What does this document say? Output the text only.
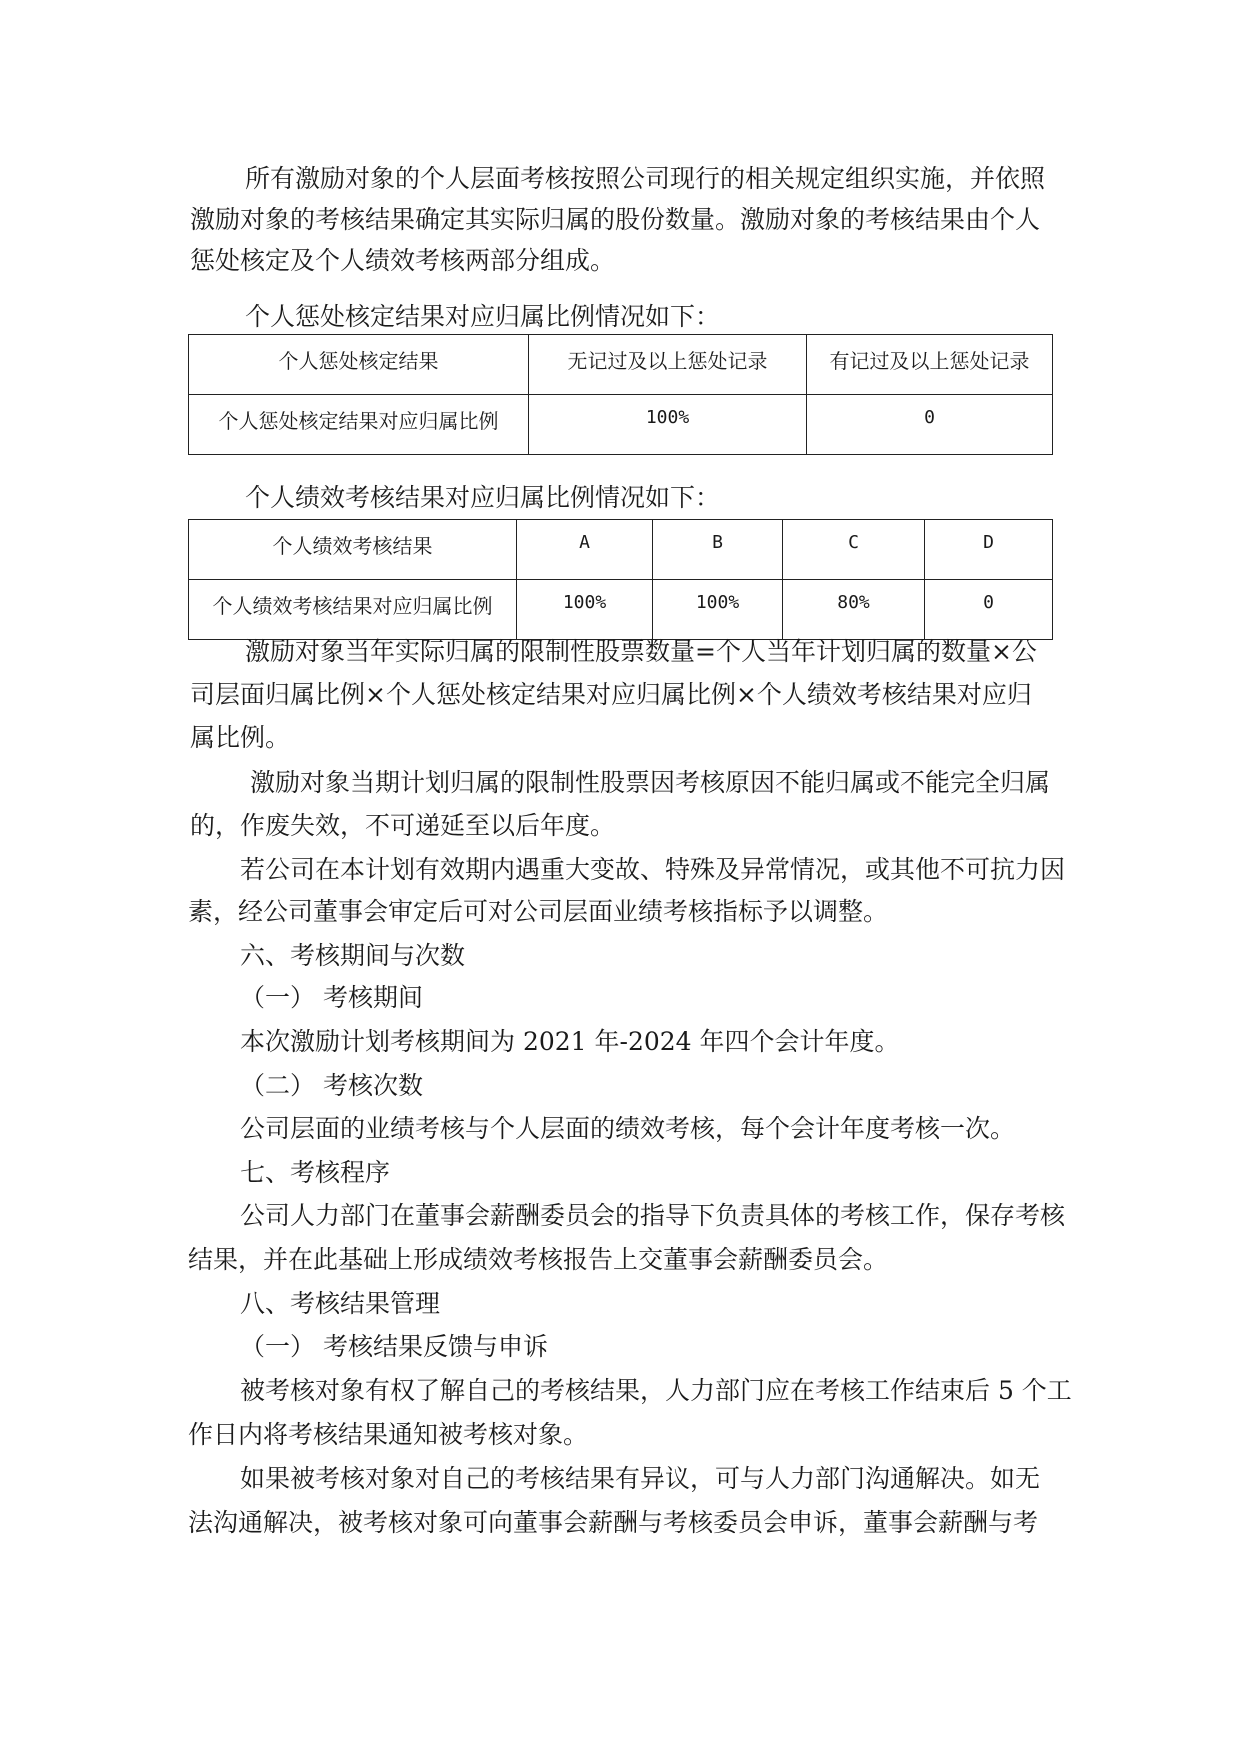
所有激励对象的个人层面考核按照公司现行的相关规定组织实施，并依照
激励对象的考核结果确定其实际归属的股份数量。激励对象的考核结果由个人
惩处核定及个人绩效考核两部分组成。
个人惩处核定结果对应归属比例情况如下：
个人惩处核定结果	无记过及以上惩处记录	有记过及以上惩处记录
个人惩处核定结果对应归属比例	100%	0
个人绩效考核结果对应归属比例情况如下：
个人绩效考核结果	A	B	C	D
个人绩效考核结果对应归属比例	100%	100%	80%	0
激励对象当年实际归属的限制性股票数量=个人当年计划归属的数量×公
司层面归属比例×个人惩处核定结果对应归属比例×个人绩效考核结果对应归
属比例。
激励对象当期计划归属的限制性股票因考核原因不能归属或不能完全归属
的，作废失效，不可递延至以后年度。
若公司在本计划有效期内遇重大变故、特殊及异常情况，或其他不可抗力因
素，经公司董事会审定后可对公司层面业绩考核指标予以调整。
六、考核期间与次数
（一） 考核期间
本次激励计划考核期间为 2021 年-2024 年四个会计年度。
（二） 考核次数
公司层面的业绩考核与个人层面的绩效考核，每个会计年度考核一次。
七、考核程序
公司人力部门在董事会薪酬委员会的指导下负责具体的考核工作，保存考核
结果，并在此基础上形成绩效考核报告上交董事会薪酬委员会。
八、考核结果管理
（一） 考核结果反馈与申诉
被考核对象有权了解自己的考核结果，人力部门应在考核工作结束后 5 个工
作日内将考核结果通知被考核对象。
如果被考核对象对自己的考核结果有异议，可与人力部门沟通解决。如无
法沟通解决，被考核对象可向董事会薪酬与考核委员会申诉，董事会薪酬与考
